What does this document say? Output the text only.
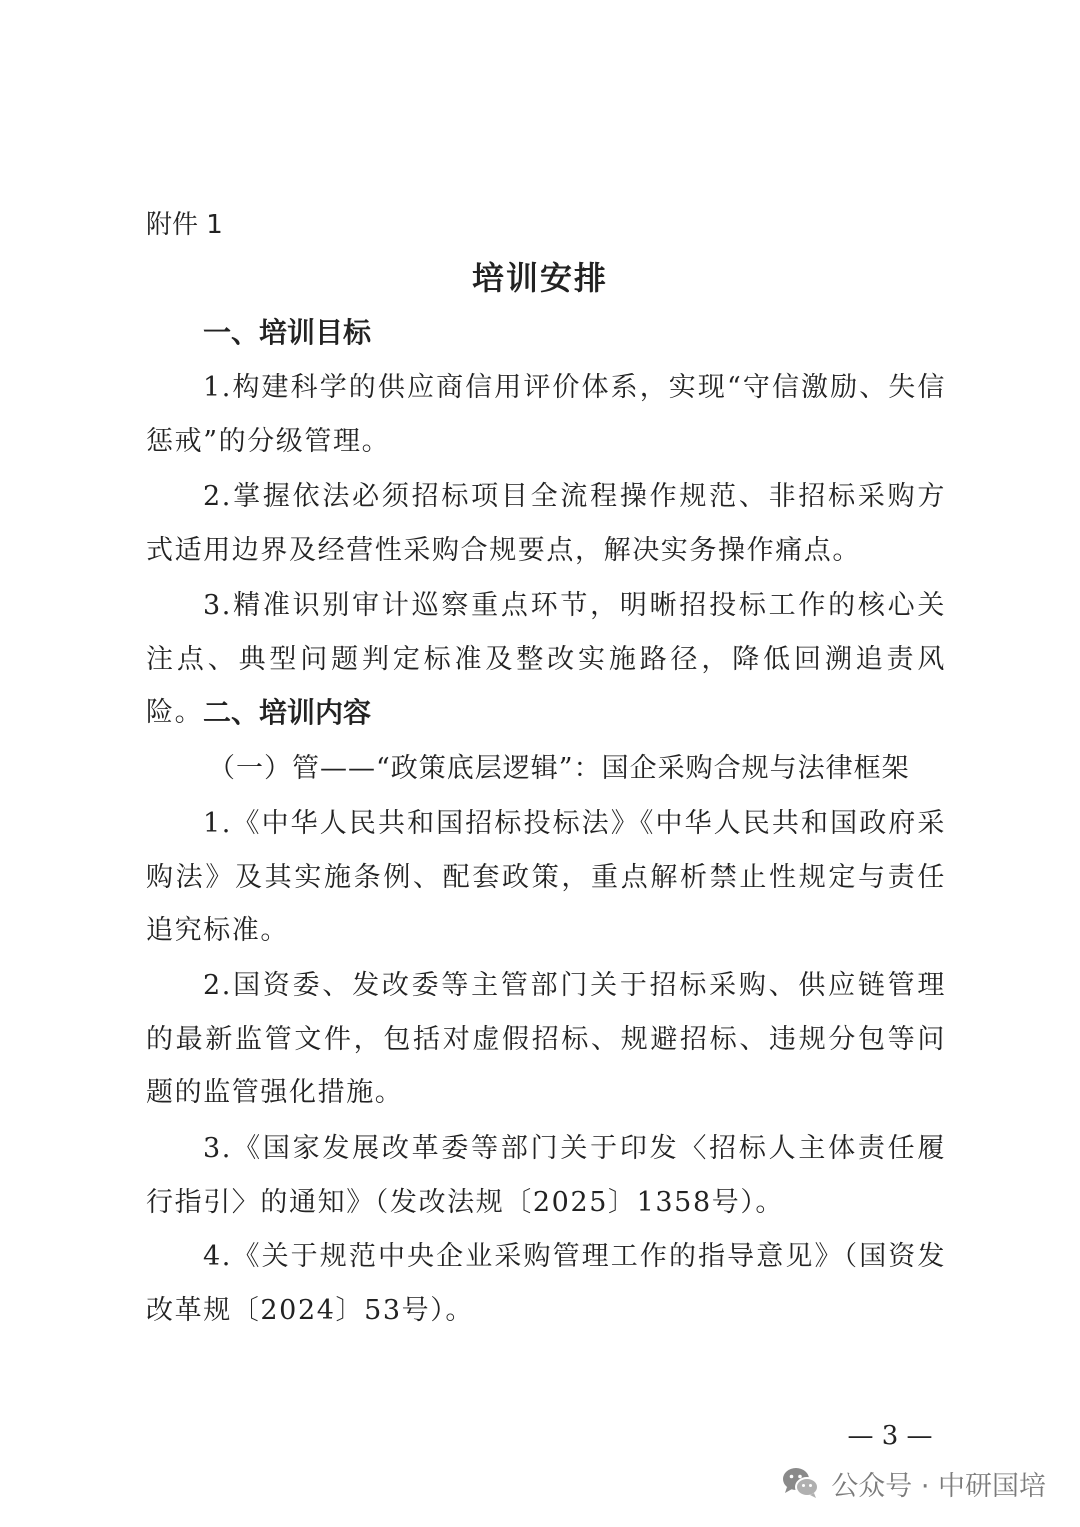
附件 1
培训安排
一、培训目标
1.构建科学的供应商信用评价体系，实现“守信激励、失信惩戒”的分级管理。
2.掌握依法必须招标项目全流程操作规范、非招标采购方式适用边界及经营性采购合规要点，解决实务操作痛点。
3.精准识别审计巡察重点环节，明晰招投标工作的核心关注点、典型问题判定标准及整改实施路径，降低回溯追责风险。 二、培训内容
（一）管——“政策底层逻辑”：国企采购合规与法律框架
1.《中华人民共和国招标投标法》《中华人民共和国政府采购法》及其实施条例、配套政策，重点解析禁止性规定与责任追究标准。
2.国资委、发改委等主管部门关于招标采购、供应链管理的最新监管文件，包括对虚假招标、规避招标、违规分包等问题的监管强化措施。
3.《国家发展改革委等部门关于印发〈招标人主体责任履行指引〉的通知》（发改法规〔2025〕1358号）。
4.《关于规范中央企业采购管理工作的指导意见》（国资发改革规〔2024〕53号）。
— 3 —
公众号 · 中研国培
